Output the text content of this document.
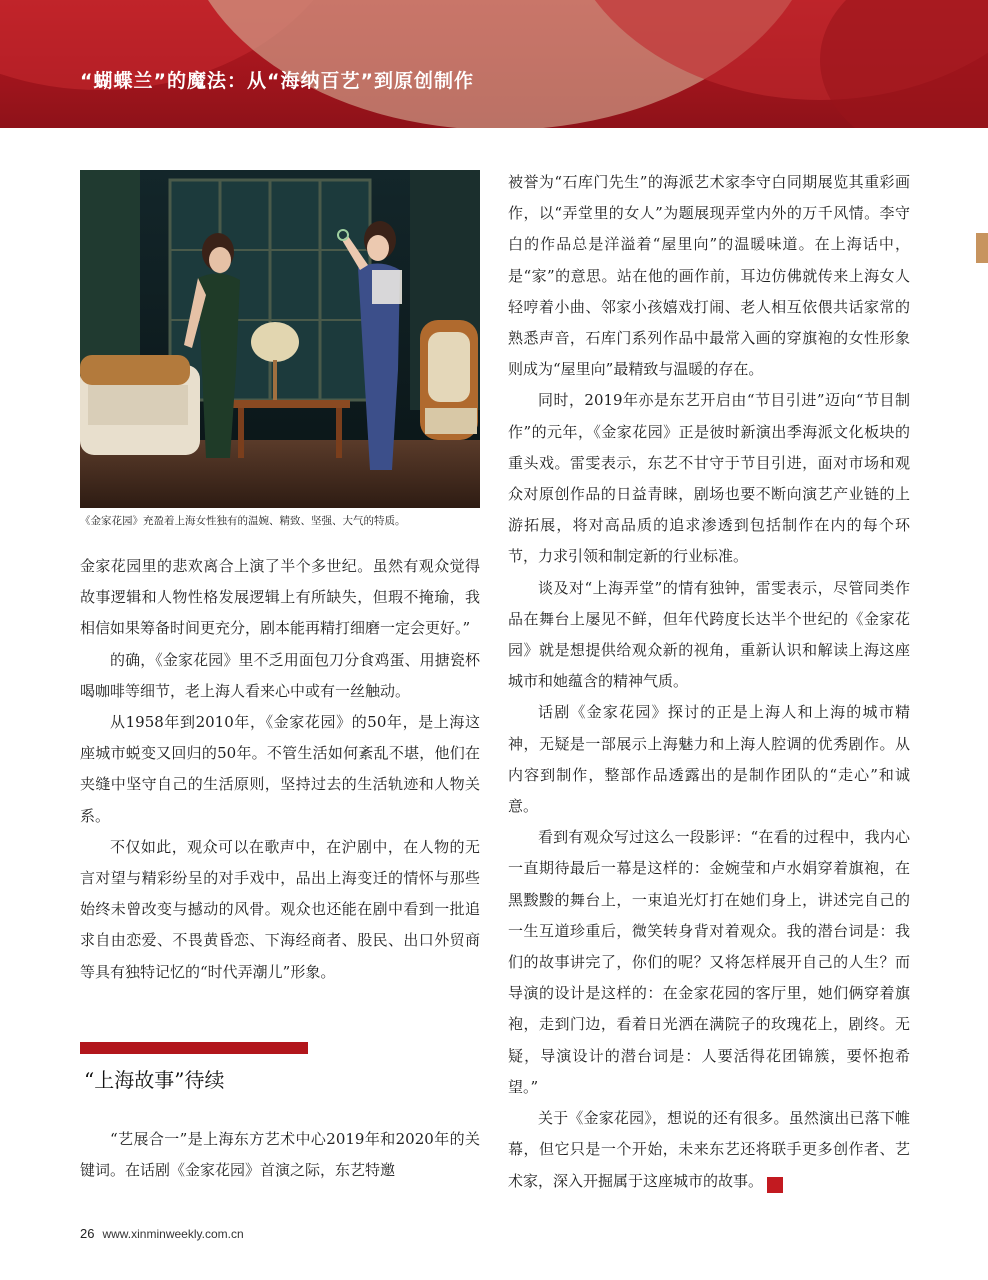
“蝴蝶兰”的魔法：从“海纳百艺”到原创制作
《金家花园》充盈着上海女性独有的温婉、精致、坚强、大气的特质。

金家花园里的悲欢离合上演了半个多世纪。虽然有观众觉得故事逻辑和人物性格发展逻辑上有所缺失，但瑕不掩瑜，我相信如果筹备时间更充分，剧本能再精打细磨一定会更好。”

的确，《金家花园》里不乏用面包刀分食鸡蛋、用搪瓷杯喝咖啡等细节，老上海人看来心中或有一丝触动。

从1958年到2010年，《金家花园》的50年，是上海这座城市蜕变又回归的50年。不管生活如何紊乱不堪，他们在夹缝中坚守自己的生活原则，坚持过去的生活轨迹和人物关系。

不仅如此，观众可以在歌声中，在沪剧中，在人物的无言对望与精彩纷呈的对手戏中，品出上海变迁的情怀与那些始终未曾改变与撼动的风骨。观众也还能在剧中看到一批追求自由恋爱、不畏黄昏恋、下海经商者、股民、出口外贸商等具有独特记忆的“时代弄潮儿”形象。

“上海故事”待续

“艺展合一”是上海东方艺术中心2019年和2020年的关键词。在话剧《金家花园》首演之际，东艺特邀

被誉为“石库门先生”的海派艺术家李守白同期展览其重彩画作，以“弄堂里的女人”为题展现弄堂内外的万千风情。李守白的作品总是洋溢着“屋里向”的温暖味道。在上海话中，是“家”的意思。站在他的画作前，耳边仿佛就传来上海女人轻哼着小曲、邻家小孩嬉戏打闹、老人相互依偎共话家常的熟悉声音，石库门系列作品中最常入画的穿旗袍的女性形象则成为“屋里向”最精致与温暖的存在。

同时，2019年亦是东艺开启由“节目引进”迈向“节目制作”的元年，《金家花园》正是彼时新演出季海派文化板块的重头戏。雷雯表示，东艺不甘守于节目引进，面对市场和观众对原创作品的日益青睐，剧场也要不断向演艺产业链的上游拓展，将对高品质的追求渗透到包括制作在内的每个环节，力求引领和制定新的行业标准。

谈及对“上海弄堂”的情有独钟，雷雯表示，尽管同类作品在舞台上屡见不鲜，但年代跨度长达半个世纪的《金家花园》就是想提供给观众新的视角，重新认识和解读上海这座城市和她蕴含的精神气质。

话剧《金家花园》探讨的正是上海人和上海的城市精神，无疑是一部展示上海魅力和上海人腔调的优秀剧作。从内容到制作，整部作品透露出的是制作团队的“走心”和诚意。

看到有观众写过这么一段影评：“在看的过程中，我内心一直期待最后一幕是这样的：金婉莹和卢水娟穿着旗袍，在黑黢黢的舞台上，一束追光灯打在她们身上，讲述完自己的一生互道珍重后，微笑转身背对着观众。我的潜台词是：我们的故事讲完了，你们的呢？又将怎样展开自己的人生？而导演的设计是这样的：在金家花园的客厅里，她们俩穿着旗袍，走到门边，看着日光洒在满院子的玫瑰花上，剧终。无疑，导演设计的潜台词是：人要活得花团锦簇，要怀抱希望。”

关于《金家花园》，想说的还有很多。虽然演出已落下帷幕，但它只是一个开始，未来东艺还将联手更多创作者、艺术家，深入开掘属于这座城市的故事。	民

26 www.xinminweekly.com.cn
